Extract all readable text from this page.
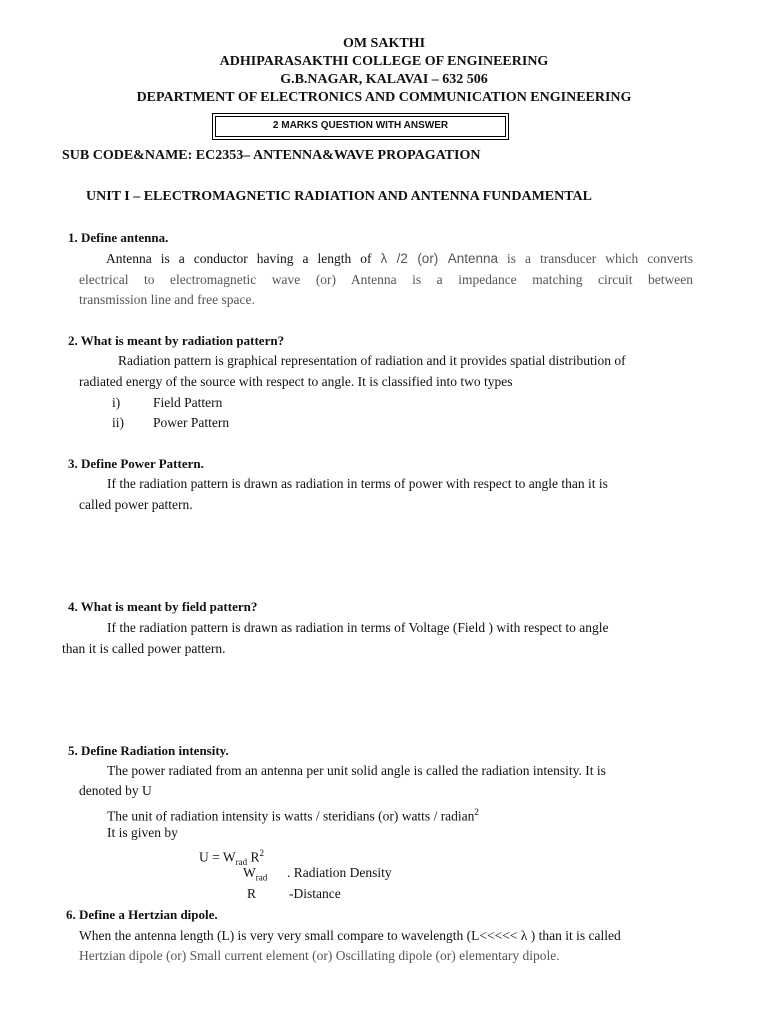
OM SAKTHI
ADHIPARASAKTHI COLLEGE OF ENGINEERING
G.B.NAGAR, KALAVAI – 632 506
DEPARTMENT OF ELECTRONICS AND COMMUNICATION ENGINEERING
2 MARKS QUESTION WITH ANSWER
SUB CODE&NAME: EC2353– ANTENNA&WAVE PROPAGATION
UNIT I – ELECTROMAGNETIC RADIATION AND ANTENNA FUNDAMENTAL
1. Define antenna.
Antenna is a conductor having a length of λ /2 (or) Antenna is a transducer which converts
electrical to electromagnetic wave (or) Antenna is a impedance matching circuit between
transmission line and free space.
2. What is meant by radiation pattern?
Radiation pattern is graphical representation of radiation and it provides spatial distribution of
radiated energy of the source with respect to angle. It is classified into two types
i) Field Pattern
ii) Power Pattern
3. Define Power Pattern.
If the radiation pattern is drawn as radiation in terms of power with respect to angle than it is
called power pattern.
4. What is meant by field pattern?
If the radiation pattern is drawn as radiation in terms of Voltage (Field ) with respect to angle
than it is called power pattern.
5. Define Radiation intensity.
The power radiated from an antenna per unit solid angle is called the radiation intensity. It is
denoted by U
The unit of radiation intensity is watts / steridians (or) watts / radian$^2$
It is given by
$U = W_{rad}$ $R^2$
$W_{rad}$ . Radiation Density
R -Distance
6. Define a Hertzian dipole.
When the antenna length (L) is very very small compare to wavelength (L<<<<< λ ) than it is called
Hertzian dipole (or) Small current element (or) Oscillating dipole (or) elementary dipole.
